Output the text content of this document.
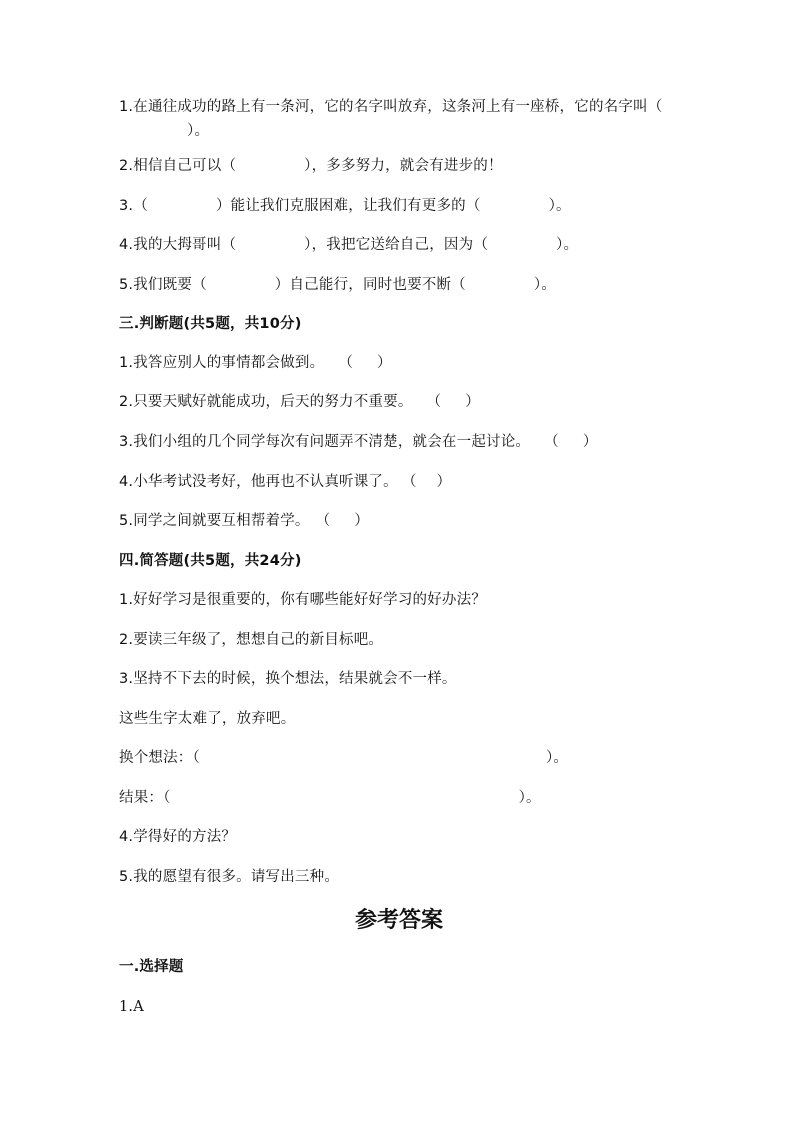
1.在通往成功的路上有一条河，它的名字叫放弃，这条河上有一座桥，它的名字叫（）。
2.相信自己可以（	），多多努力，就会有进步的！
3.（	）能让我们克服困难，让我们有更多的（	）。
4.我的大拇哥叫（	），我把它送给自己，因为（	）。
5.我们既要（	）自己能行，同时也要不断（	）。
三.判断题(共5题，共10分)
1.我答应别人的事情都会做到。 （ ）
2.只要天赋好就能成功，后天的努力不重要。 （ ）
3.我们小组的几个同学每次有问题弄不清楚，就会在一起讨论。 （ ）
4.小华考试没考好，他再也不认真听课了。 （ ）
5.同学之间就要互相帮着学。 （ ）
四.简答题(共5题，共24分)
1.好好学习是很重要的，你有哪些能好好学习的好办法？
2.要读三年级了，想想自己的新目标吧。
3.坚持不下去的时候，换个想法，结果就会不一样。
这些生字太难了，放弃吧。
换个想法：（	）。
结果：（	）。
4.学得好的方法？
5.我的愿望有很多。请写出三种。
参考答案
一.选择题
1.A
